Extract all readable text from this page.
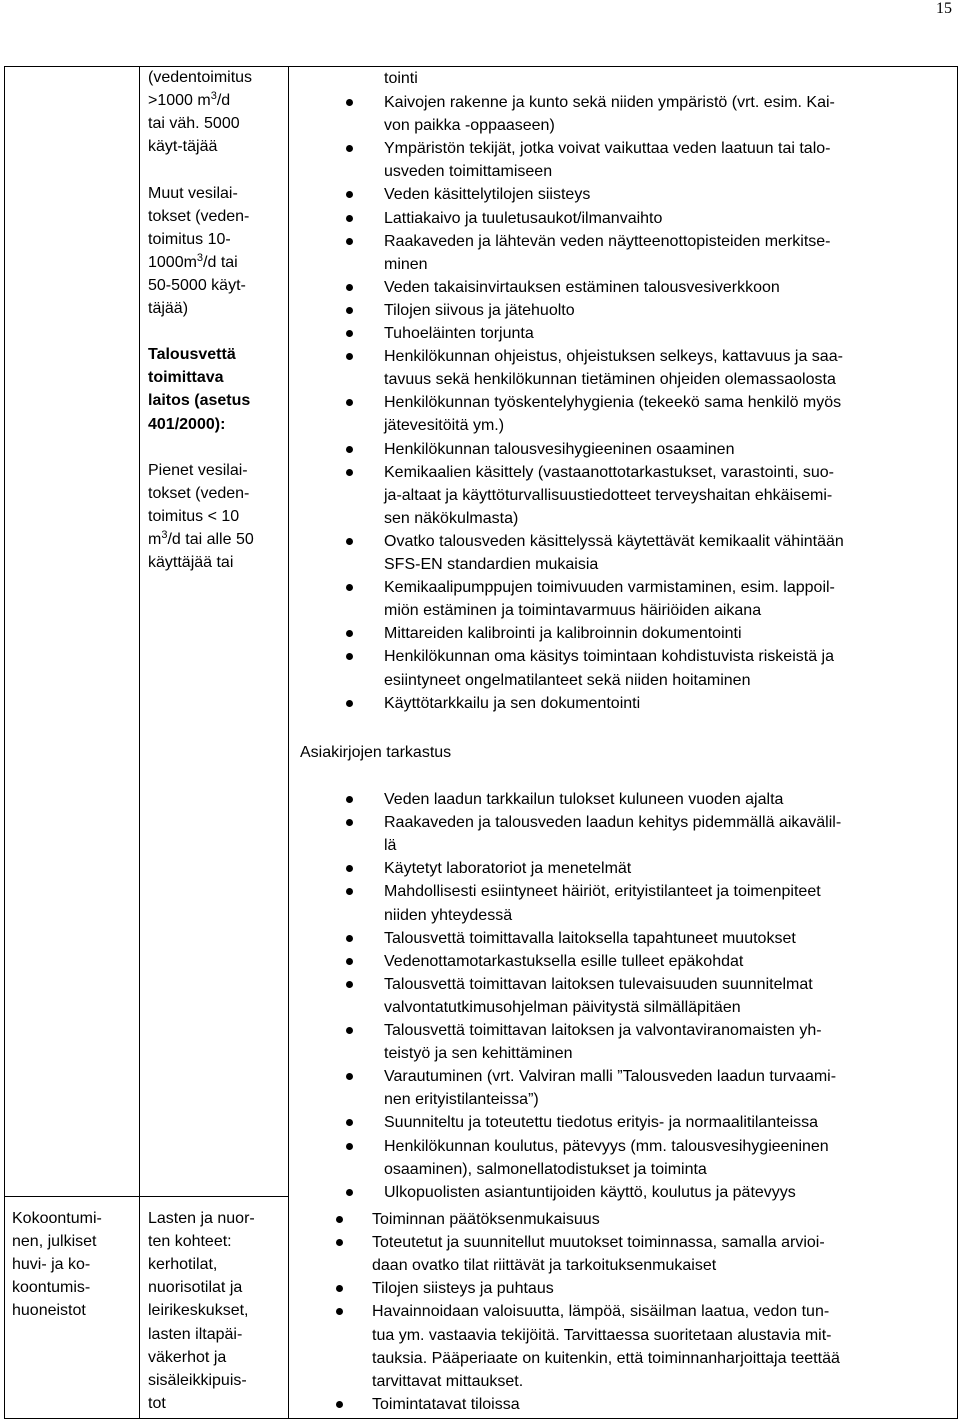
15
(vedentoimitus
>1000 $m^3/d$
tai väh. 5000
käyt-täjää
Muut vesilai-
tokset (veden-
toimitus 10-
$1000m^3/d$ tai
50-5000 käyt-
täjää)
Talousvettä
toimittava
laitos (asetus
401/2000):
Pienet vesilai-
tokset (veden-
toimitus < 10
$m^3/d$ tai alle 50
käyttäjää tai
tointi
Kaivojen rakenne ja kunto sekä niiden ympäristö (vrt. esim. Kai-
von paikka -oppaaseen)
Ympäristön tekijät, jotka voivat vaikuttaa veden laatuun tai talo-
usveden toimittamiseen
Veden käsittelytilojen siisteys
Lattiakaivo ja tuuletusaukot/ilmanvaihto
Raakaveden ja lähtevän veden näytteenottopisteiden merkitse-
minen
Veden takaisinvirtauksen estäminen talousvesiverkkoon
Tilojen siivous ja jätehuolto
Tuhoeläinten torjunta
Henkilökunnan ohjeistus, ohjeistuksen selkeys, kattavuus ja saa-
tavuus sekä henkilökunnan tietäminen ohjeiden olemassaolosta
Henkilökunnan työskentelyhygienia (tekeekö sama henkilö myös
jätevesitöitä ym.)
Henkilökunnan talousvesihygieeninen osaaminen
Kemikaalien käsittely (vastaanottotarkastukset, varastointi, suo-
ja-altaat ja käyttöturvallisuustiedotteet terveyshaitan ehkäisemi-
sen näkökulmasta)
Ovatko talousveden käsittelyssä käytettävät kemikaalit vähintään
SFS-EN standardien mukaisia
Kemikaalipumppujen toimivuuden varmistaminen, esim. lappoil-
miön estäminen ja toimintavarmuus häiriöiden aikana
Mittareiden kalibrointi ja kalibroinnin dokumentointi
Henkilökunnan oma käsitys toimintaan kohdistuvista riskeistä ja
esiintyneet ongelmatilanteet sekä niiden hoitaminen
Käyttötarkkailu ja sen dokumentointi
Asiakirjojen tarkastus
Veden laadun tarkkailun tulokset kuluneen vuoden ajalta
Raakaveden ja talousveden laadun kehitys pidemmällä aikavälil-
lä
Käytetyt laboratoriot ja menetelmät
Mahdollisesti esiintyneet häiriöt, erityistilanteet ja toimenpiteet
niiden yhteydessä
Talousvettä toimittavalla laitoksella tapahtuneet muutokset
Vedenottamotarkastuksella esille tulleet epäkohdat
Talousvettä toimittavan laitoksen tulevaisuuden suunnitelmat
valvontatutkimusohjelman päivitystä silmälläpitäen
Talousvettä toimittavan laitoksen ja valvontaviranomaisten yh-
teistyö ja sen kehittäminen
Varautuminen (vrt. Valviran malli ”Talousveden laadun turvaami-
nen erityistilanteissa”)
Suunniteltu ja toteutettu tiedotus erityis- ja normaalitilanteissa
Henkilökunnan koulutus, pätevyys (mm. talousvesihygieeninen
osaaminen), salmonellatodistukset ja toiminta
Ulkopuolisten asiantuntijoiden käyttö, koulutus ja pätevyys
Kokoontumi-
nen, julkiset
huvi- ja ko-
koontumis-
huoneistot
Lasten ja nuor-
ten kohteet:
kerhotilat,
nuorisotilat ja
leirikeskukset,
lasten iltapäi-
väkerhot ja
sisäleikkipuis-
tot
Toiminnan päätöksenmukaisuus
Toteutetut ja suunnitellut muutokset toiminnassa, samalla arvioi-
daan ovatko tilat riittävät ja tarkoituksenmukaiset
Tilojen siisteys ja puhtaus
Havainnoidaan valoisuutta, lämpöä, sisäilman laatua, vedon tun-
tua ym. vastaavia tekijöitä. Tarvittaessa suoritetaan alustavia mit-
tauksia. Pääperiaate on kuitenkin, että toiminnanharjoittaja teettää
tarvittavat mittaukset.
Toimintatavat tiloissa
